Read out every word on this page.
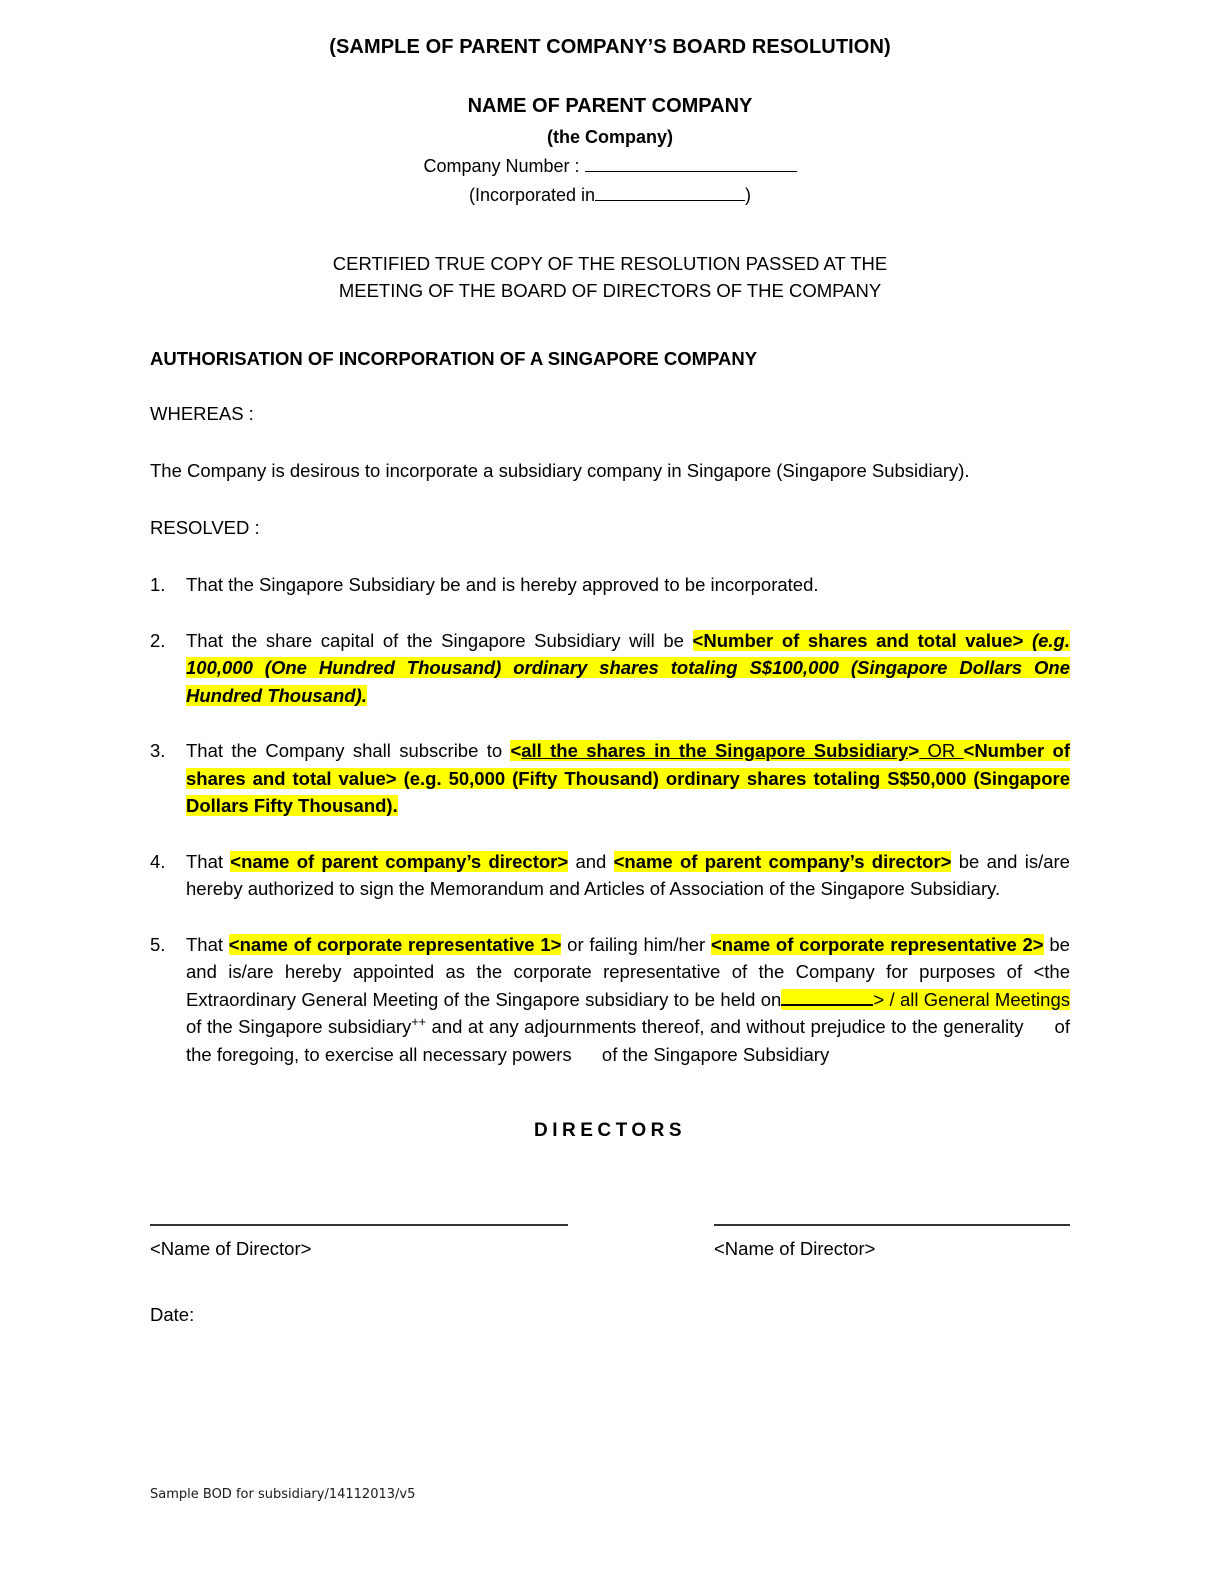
(SAMPLE OF PARENT COMPANY’S BOARD RESOLUTION)
NAME OF PARENT COMPANY
(the Company)
Company Number :
(Incorporated in	)
CERTIFIED TRUE COPY OF THE RESOLUTION PASSED AT THE
MEETING OF THE BOARD OF DIRECTORS OF THE COMPANY
AUTHORISATION OF INCORPORATION OF A SINGAPORE COMPANY
WHEREAS :
The Company is desirous to incorporate a subsidiary company in Singapore (Singapore Subsidiary).
RESOLVED :
1.	That the Singapore Subsidiary be and is hereby approved to be incorporated.
2.	That the share capital of the Singapore Subsidiary will be <Number of shares and total value> (e.g. 100,000 (One Hundred Thousand) ordinary shares totaling S$100,000 (Singapore Dollars One Hundred Thousand).
3.	That the Company shall subscribe to <all the shares in the Singapore Subsidiary> OR <Number of shares and total value> (e.g. 50,000 (Fifty Thousand) ordinary shares totaling S$50,000 (Singapore Dollars Fifty Thousand).
4.	That <name of parent company’s director> and <name of parent company’s director> be and is/are hereby authorized to sign the Memorandum and Articles of Association of the Singapore Subsidiary.
5.	That <name of corporate representative 1> or failing him/her <name of corporate representative 2> be and is/are hereby appointed as the corporate representative of the Company for purposes of <the Extraordinary General Meeting of the Singapore subsidiary to be held on	> / all General Meetings of the Singapore subsidiary++ and at any adjournments thereof, and without prejudice to the generality  of the foregoing, to exercise all necessary powers  of the Singapore Subsidiary
DIRECTORS
<Name of Director>	<Name of Director>
Date:
Sample BOD for subsidiary/14112013/v5
